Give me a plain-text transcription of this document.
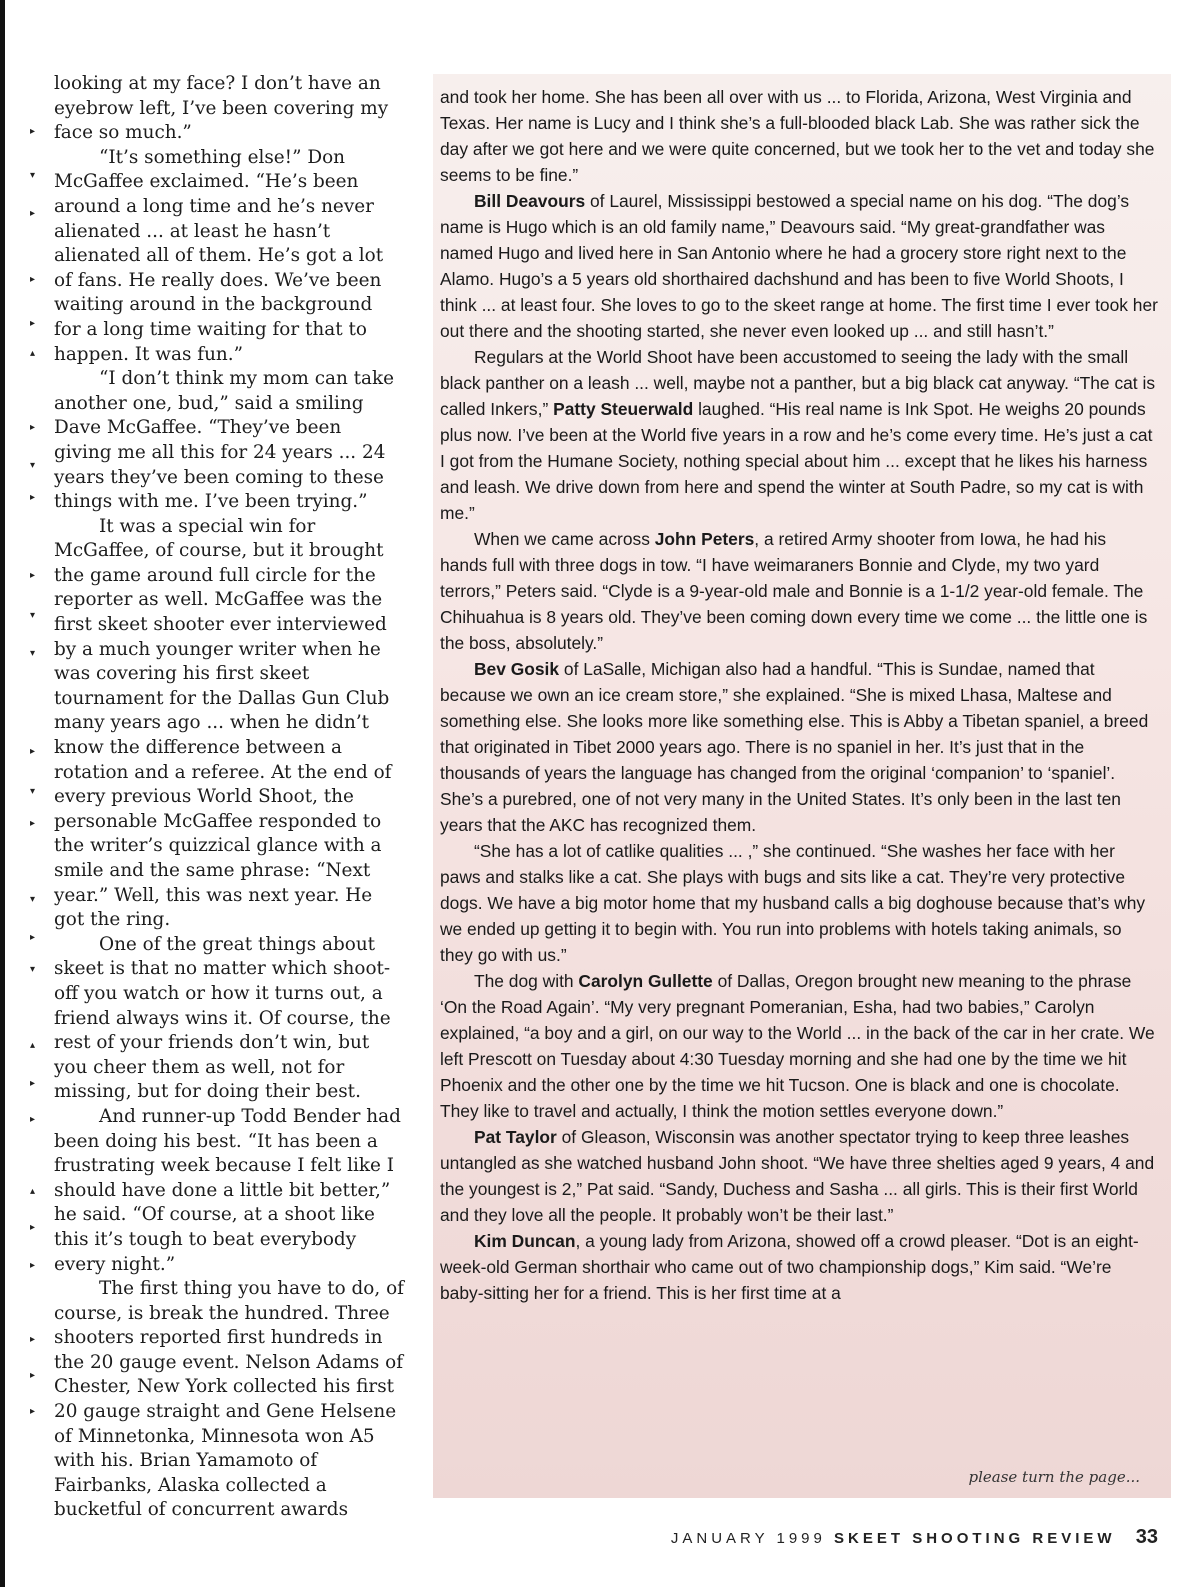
▸
▾
▸
▸
▸
▴
▸
▾
▸
▸
▾
▾
▸
▾
▸
▾
▸
▾
▴
▸
▸
▴
▸
▸
▸
▸
▸

looking at my face? I don’t have an eyebrow left, I’ve been covering my face so much.”

“It’s something else!” Don McGaffee exclaimed. “He’s been around a long time and he’s never alienated ... at least he hasn’t alienated all of them. He’s got a lot of fans. He really does. We’ve been waiting around in the background for a long time waiting for that to happen. It was fun.”

“I don’t think my mom can take another one, bud,” said a smiling Dave McGaffee. “They’ve been giving me all this for 24 years ... 24 years they’ve been coming to these things with me. I’ve been trying.”

It was a special win for McGaffee, of course, but it brought the game around full circle for the reporter as well. McGaffee was the first skeet shooter ever interviewed by a much younger writer when he was covering his first skeet tournament for the Dallas Gun Club many years ago ... when he didn’t know the difference between a rotation and a referee. At the end of every previous World Shoot, the personable McGaffee responded to the writer’s quizzical glance with a smile and the same phrase: “Next year.” Well, this was next year. He got the ring.

One of the great things about skeet is that no matter which shoot-off you watch or how it turns out, a friend always wins it. Of course, the rest of your friends don’t win, but you cheer them as well, not for missing, but for doing their best.

And runner-up Todd Bender had been doing his best. “It has been a frustrating week because I felt like I should have done a little bit better,” he said. “Of course, at a shoot like this it’s tough to beat everybody every night.”

The first thing you have to do, of course, is break the hundred. Three shooters reported first hundreds in the 20 gauge event. Nelson Adams of Chester, New York collected his first 20 gauge straight and Gene Helsene of Minnetonka, Minnesota won A5 with his. Brian Yamamoto of Fairbanks, Alaska collected a bucketful of concurrent awards

and took her home. She has been all over with us ... to Florida, Arizona, West Virginia and Texas. Her name is Lucy and I think she’s a full-blooded black Lab. She was rather sick the day after we got here and we were quite concerned, but we took her to the vet and today she seems to be fine.”

Bill Deavours of Laurel, Mississippi bestowed a special name on his dog. “The dog’s name is Hugo which is an old family name,” Deavours said. “My great-grandfather was named Hugo and lived here in San Antonio where he had a grocery store right next to the Alamo. Hugo’s a 5 years old shorthaired dachshund and has been to five World Shoots, I think ... at least four. She loves to go to the skeet range at home. The first time I ever took her out there and the shooting started, she never even looked up ... and still hasn’t.”

Regulars at the World Shoot have been accustomed to seeing the lady with the small black panther on a leash ... well, maybe not a panther, but a big black cat anyway. “The cat is called Inkers,” Patty Steuerwald laughed. “His real name is Ink Spot. He weighs 20 pounds plus now. I’ve been at the World five years in a row and he’s come every time. He’s just a cat I got from the Humane Society, nothing special about him ... except that he likes his harness and leash. We drive down from here and spend the winter at South Padre, so my cat is with me.”

When we came across John Peters, a retired Army shooter from Iowa, he had his hands full with three dogs in tow. “I have weimaraners Bonnie and Clyde, my two yard terrors,” Peters said. “Clyde is a 9-year-old male and Bonnie is a 1-1/2 year-old female. The Chihuahua is 8 years old. They’ve been coming down every time we come ... the little one is the boss, absolutely.”

Bev Gosik of LaSalle, Michigan also had a handful. “This is Sundae, named that because we own an ice cream store,” she explained. “She is mixed Lhasa, Maltese and something else. She looks more like something else. This is Abby a Tibetan spaniel, a breed that originated in Tibet 2000 years ago. There is no spaniel in her. It’s just that in the thousands of years the language has changed from the original ‘companion’ to ‘spaniel’. She’s a purebred, one of not very many in the United States. It’s only been in the last ten years that the AKC has recognized them.

“She has a lot of catlike qualities ... ,” she continued. “She washes her face with her paws and stalks like a cat. She plays with bugs and sits like a cat. They’re very protective dogs. We have a big motor home that my husband calls a big doghouse because that’s why we ended up getting it to begin with. You run into problems with hotels taking animals, so they go with us.”

The dog with Carolyn Gullette of Dallas, Oregon brought new meaning to the phrase ‘On the Road Again’. “My very pregnant Pomeranian, Esha, had two babies,” Carolyn explained, “a boy and a girl, on our way to the World ... in the back of the car in her crate. We left Prescott on Tuesday about 4:30 Tuesday morning and she had one by the time we hit Phoenix and the other one by the time we hit Tucson. One is black and one is chocolate. They like to travel and actually, I think the motion settles everyone down.”

Pat Taylor of Gleason, Wisconsin was another spectator trying to keep three leashes untangled as she watched husband John shoot. “We have three shelties aged 9 years, 4 and the youngest is 2,” Pat said. “Sandy, Duchess and Sasha ... all girls. This is their first World and they love all the people. It probably won’t be their last.”

Kim Duncan, a young lady from Arizona, showed off a crowd pleaser. “Dot is an eight-week-old German shorthair who came out of two championship dogs,” Kim said. “We’re baby-sitting her for a friend. This is her first time at a

please turn the page...
JANUARY 1999 SKEET SHOOTING REVIEW 33
